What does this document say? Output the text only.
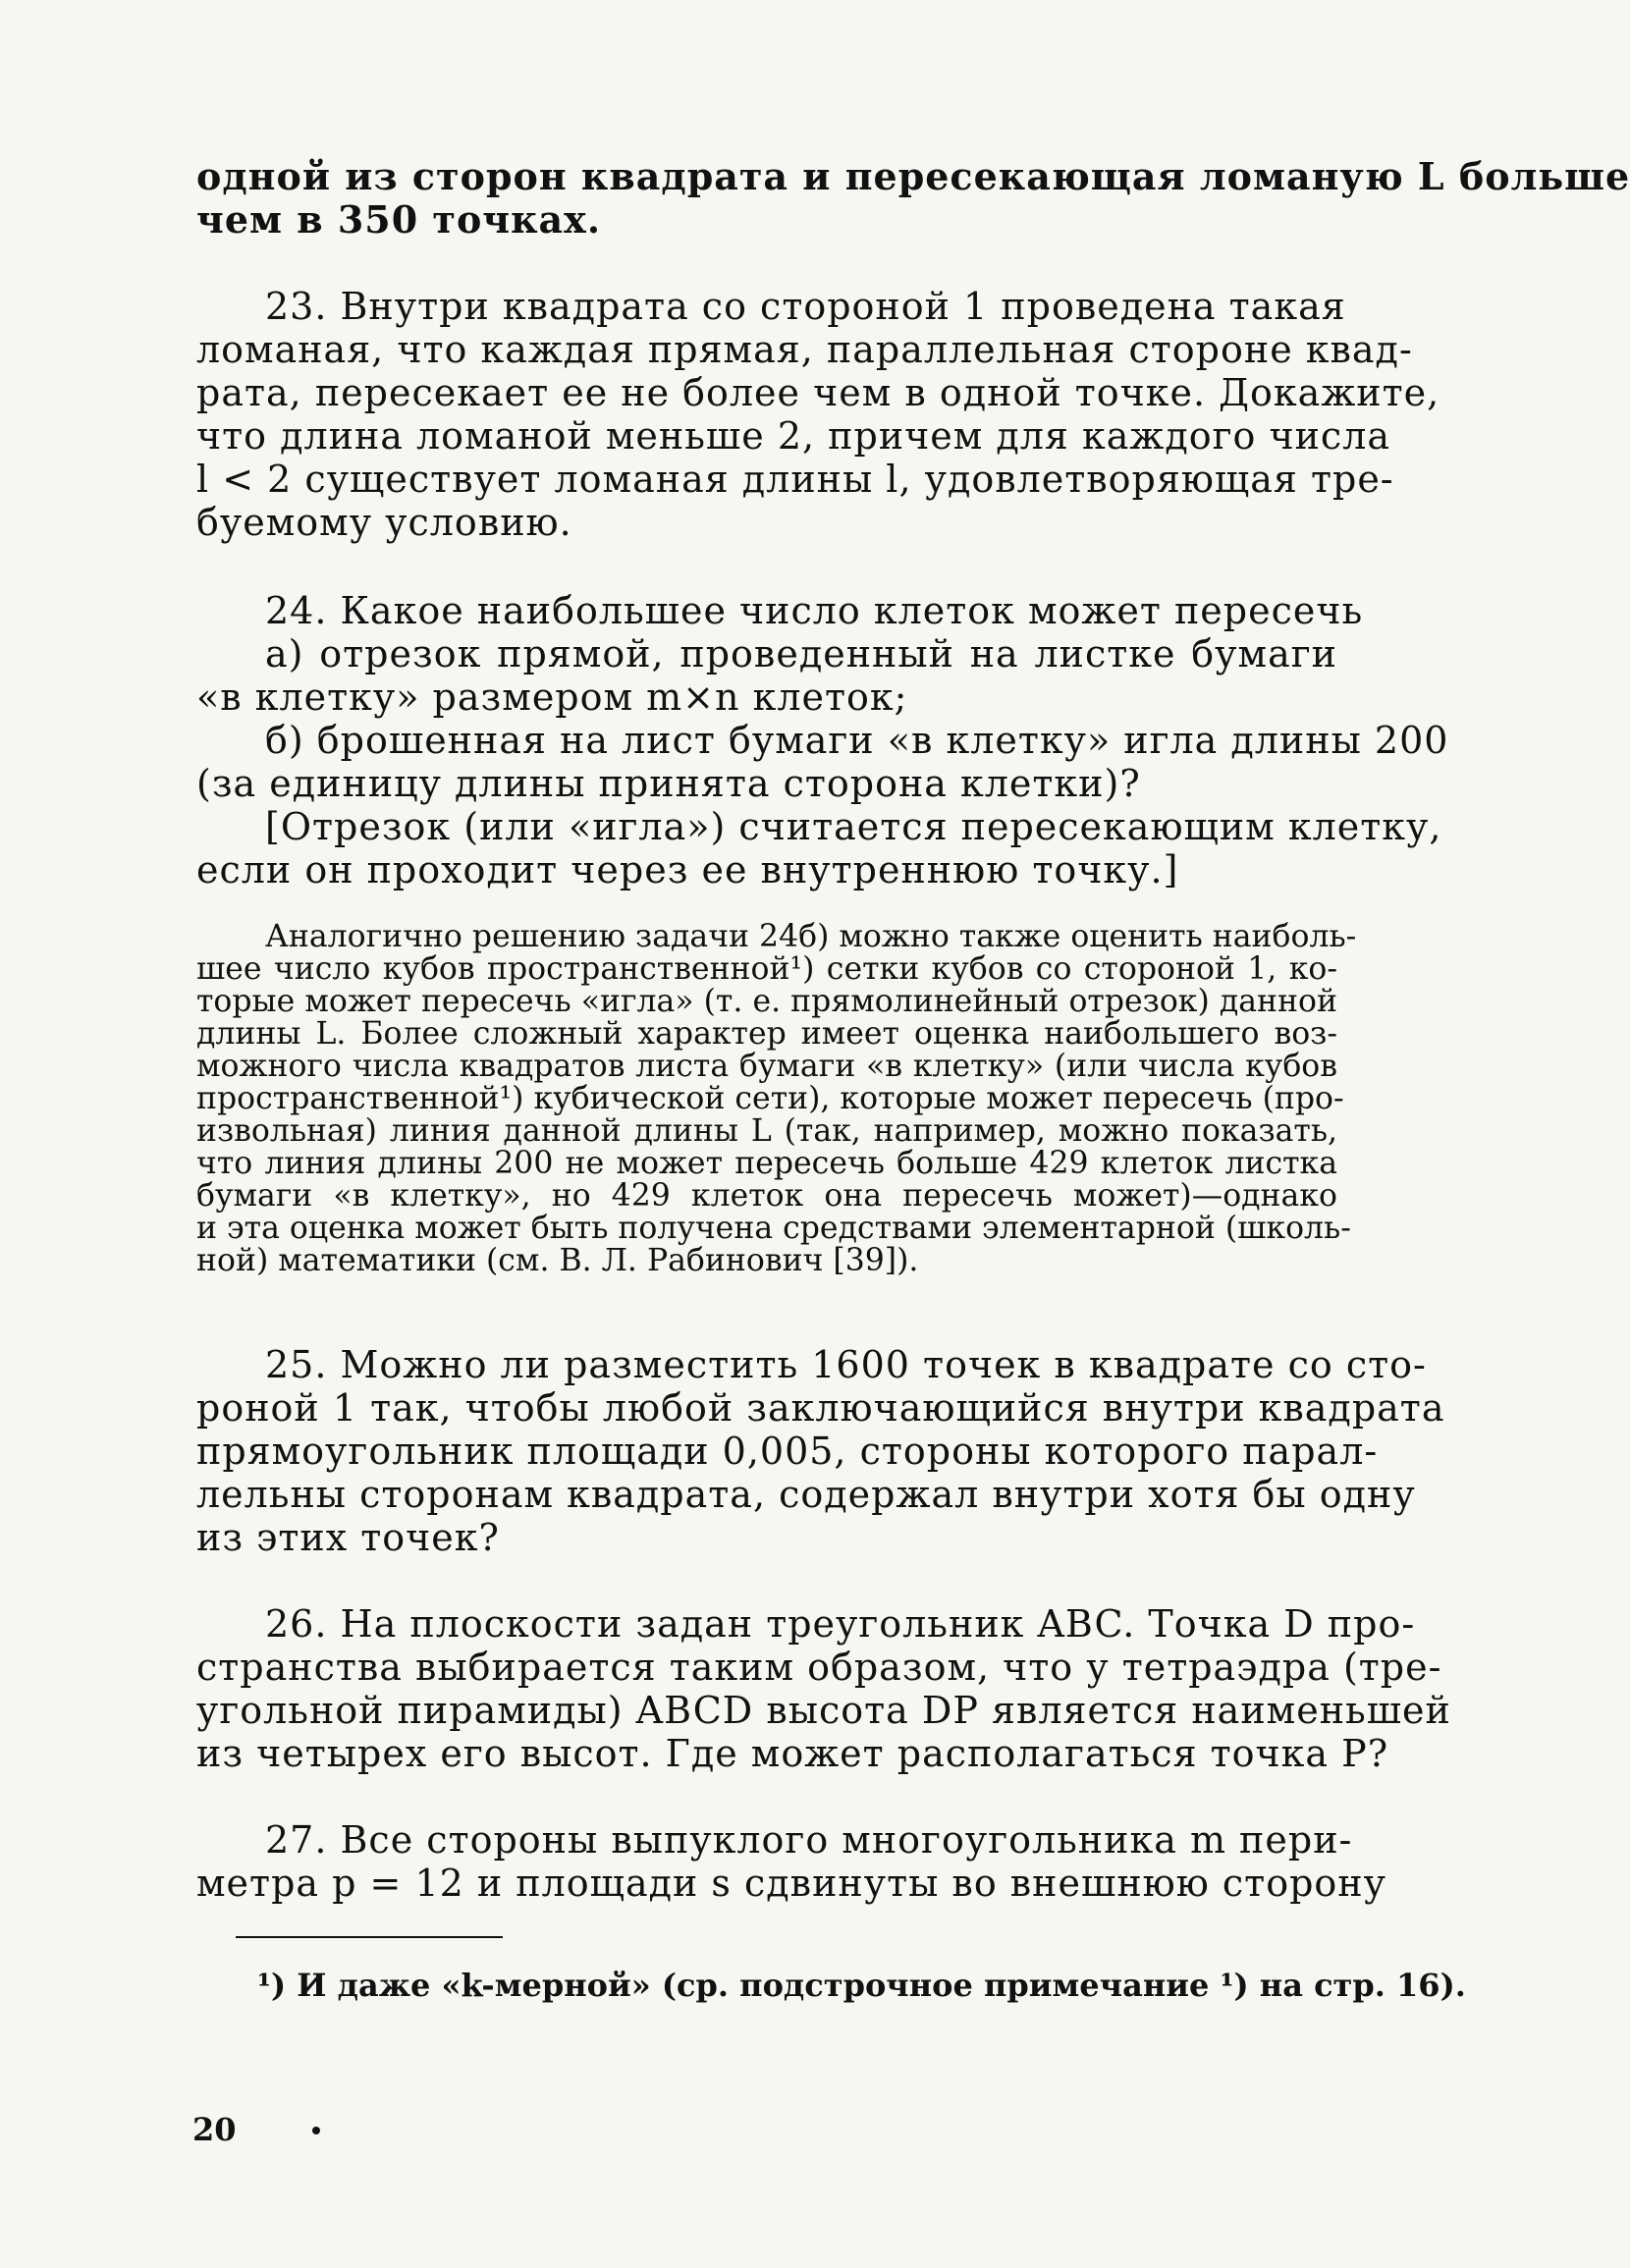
одной из сторон квадрата и пересекающая ломаную L больше
чем в 350 точках.
23. Внутри квадрата со стороной 1 проведена такая
ломаная, что каждая прямая, параллельная стороне квад-
рата, пересекает ее не более чем в одной точке. Докажите,
что длина ломаной меньше 2, причем для каждого числа
l < 2 существует ломаная длины l, удовлетворяющая тре-
буемому условию.
24. Какое наибольшее число клеток может пересечь
а) отрезок прямой, проведенный на листке бумаги
«в клетку» размером m×n клеток;
б) брошенная на лист бумаги «в клетку» игла длины 200
(за единицу длины принята сторона клетки)?
[Отрезок (или «игла») считается пересекающим клетку,
если он проходит через ее внутреннюю точку.]
Аналогично решению задачи 24б) можно также оценить наиболь-
шее число кубов пространственной¹) сетки кубов со стороной 1, ко-
торые может пересечь «игла» (т. е. прямолинейный отрезок) данной
длины L. Более сложный характер имеет оценка наибольшего воз-
можного числа квадратов листа бумаги «в клетку» (или числа кубов
пространственной¹) кубической сети), которые может пересечь (про-
извольная) линия данной длины L (так, например, можно показать,
что линия длины 200 не может пересечь больше 429 клеток листка
бумаги «в клетку», но 429 клеток она пересечь может)—однако
и эта оценка может быть получена средствами элементарной (школь-
ной) математики (см. В. Л. Рабинович [39]).
25. Можно ли разместить 1600 точек в квадрате со сто-
роной 1 так, чтобы любой заключающийся внутри квадрата
прямоугольник площади 0,005, стороны которого парал-
лельны сторонам квадрата, содержал внутри хотя бы одну
из этих точек?
26. На плоскости задан треугольник ABC. Точка D про-
странства выбирается таким образом, что у тетраэдра (тре-
угольной пирамиды) ABCD высота DP является наименьшей
из четырех его высот. Где может располагаться точка P?
27. Все стороны выпуклого многоугольника m пери-
метра p = 12 и площади s сдвинуты во внешнюю сторону
¹) И даже «k-мерной» (ср. подстрочное примечание ¹) на стр. 16).
20
